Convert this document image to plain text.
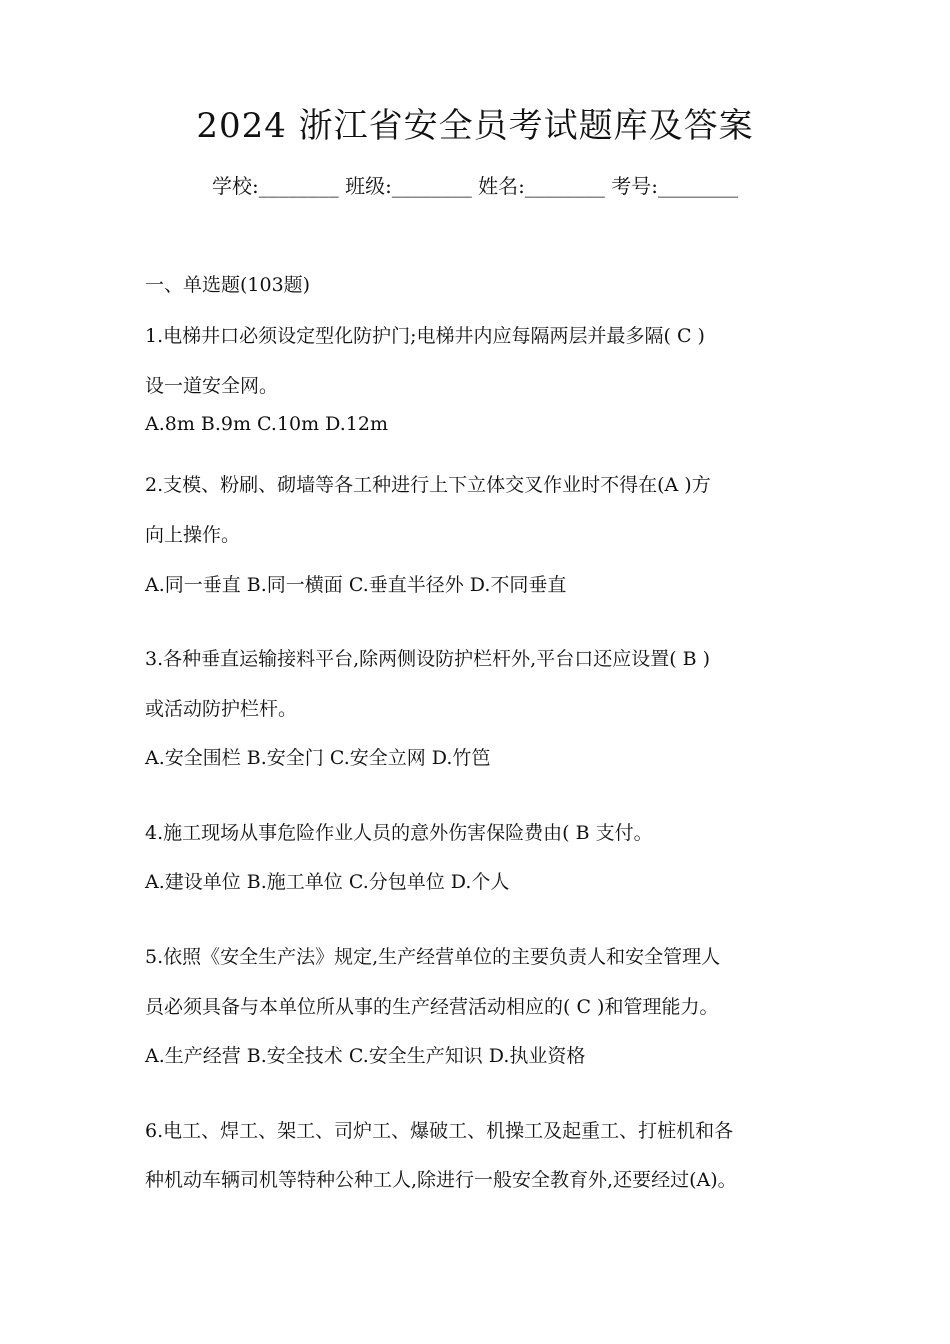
2024 浙江省安全员考试题库及答案
学校:________ 班级:________ 姓名:________ 考号:________
一、单选题(103题)
1.电梯井口必须设定型化防护门;电梯井内应每隔两层并最多隔( C )
设一道安全网。
A.8m B.9m C.10m D.12m
2.支模、粉刷、砌墙等各工种进行上下立体交叉作业时不得在(A )方
向上操作。
A.同一垂直 B.同一横面 C.垂直半径外 D.不同垂直
3.各种垂直运输接料平台,除两侧设防护栏杆外,平台口还应设置( B )
或活动防护栏杆。
A.安全围栏 B.安全门 C.安全立网 D.竹笆
4.施工现场从事危险作业人员的意外伤害保险费由( B 支付。
A.建设单位 B.施工单位 C.分包单位 D.个人
5.依照《安全生产法》规定,生产经营单位的主要负责人和安全管理人
员必须具备与本单位所从事的生产经营活动相应的( C )和管理能力。
A.生产经营 B.安全技术 C.安全生产知识 D.执业资格
6.电工、焊工、架工、司炉工、爆破工、机操工及起重工、打桩机和各
种机动车辆司机等特种公种工人,除进行一般安全教育外,还要经过(A)。
